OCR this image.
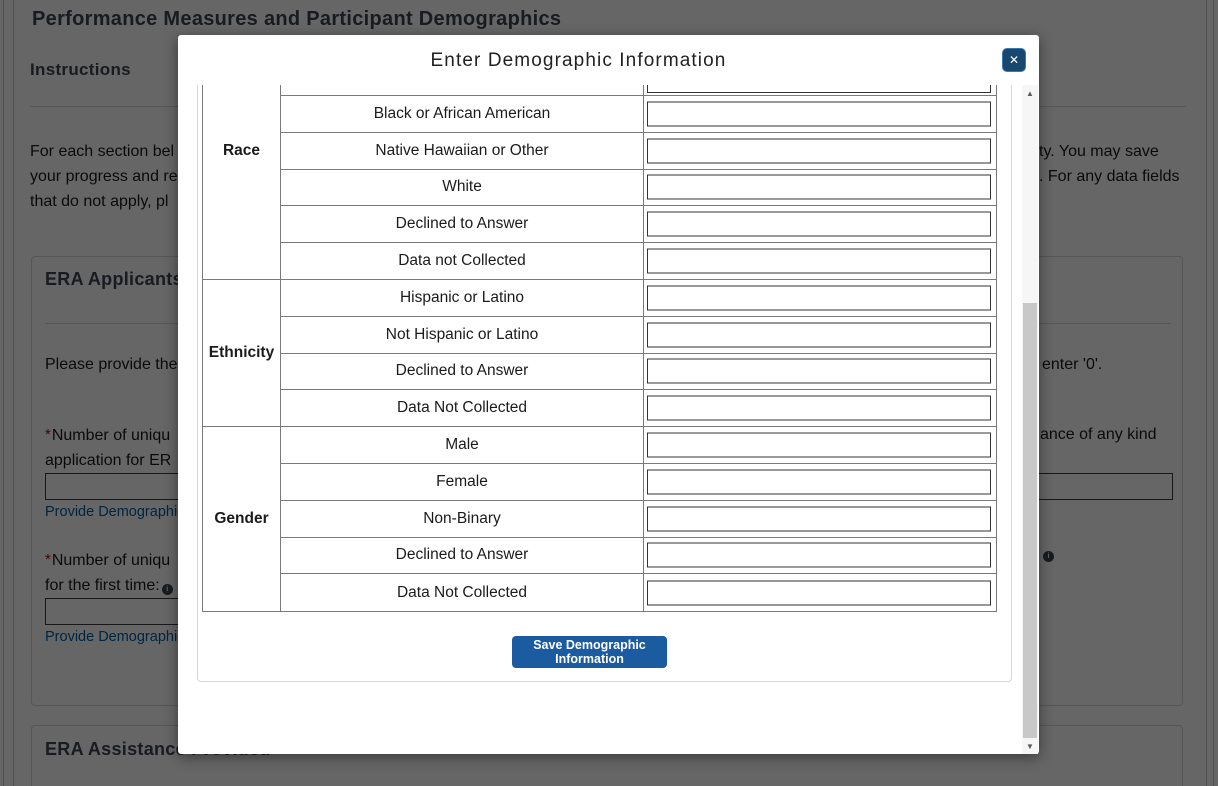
Enter Demographic Information	✕
Race
Black or African American
Native Hawaiian or Other
White
Declined to Answer
Data not Collected
Ethnicity
Hispanic or Latino
Not Hispanic or Latino
Declined to Answer
Data Not Collected
Gender
Male
Female
Non-Binary
Declined to Answer
Data Not Collected
Save Demographic
Information
▲
▼
